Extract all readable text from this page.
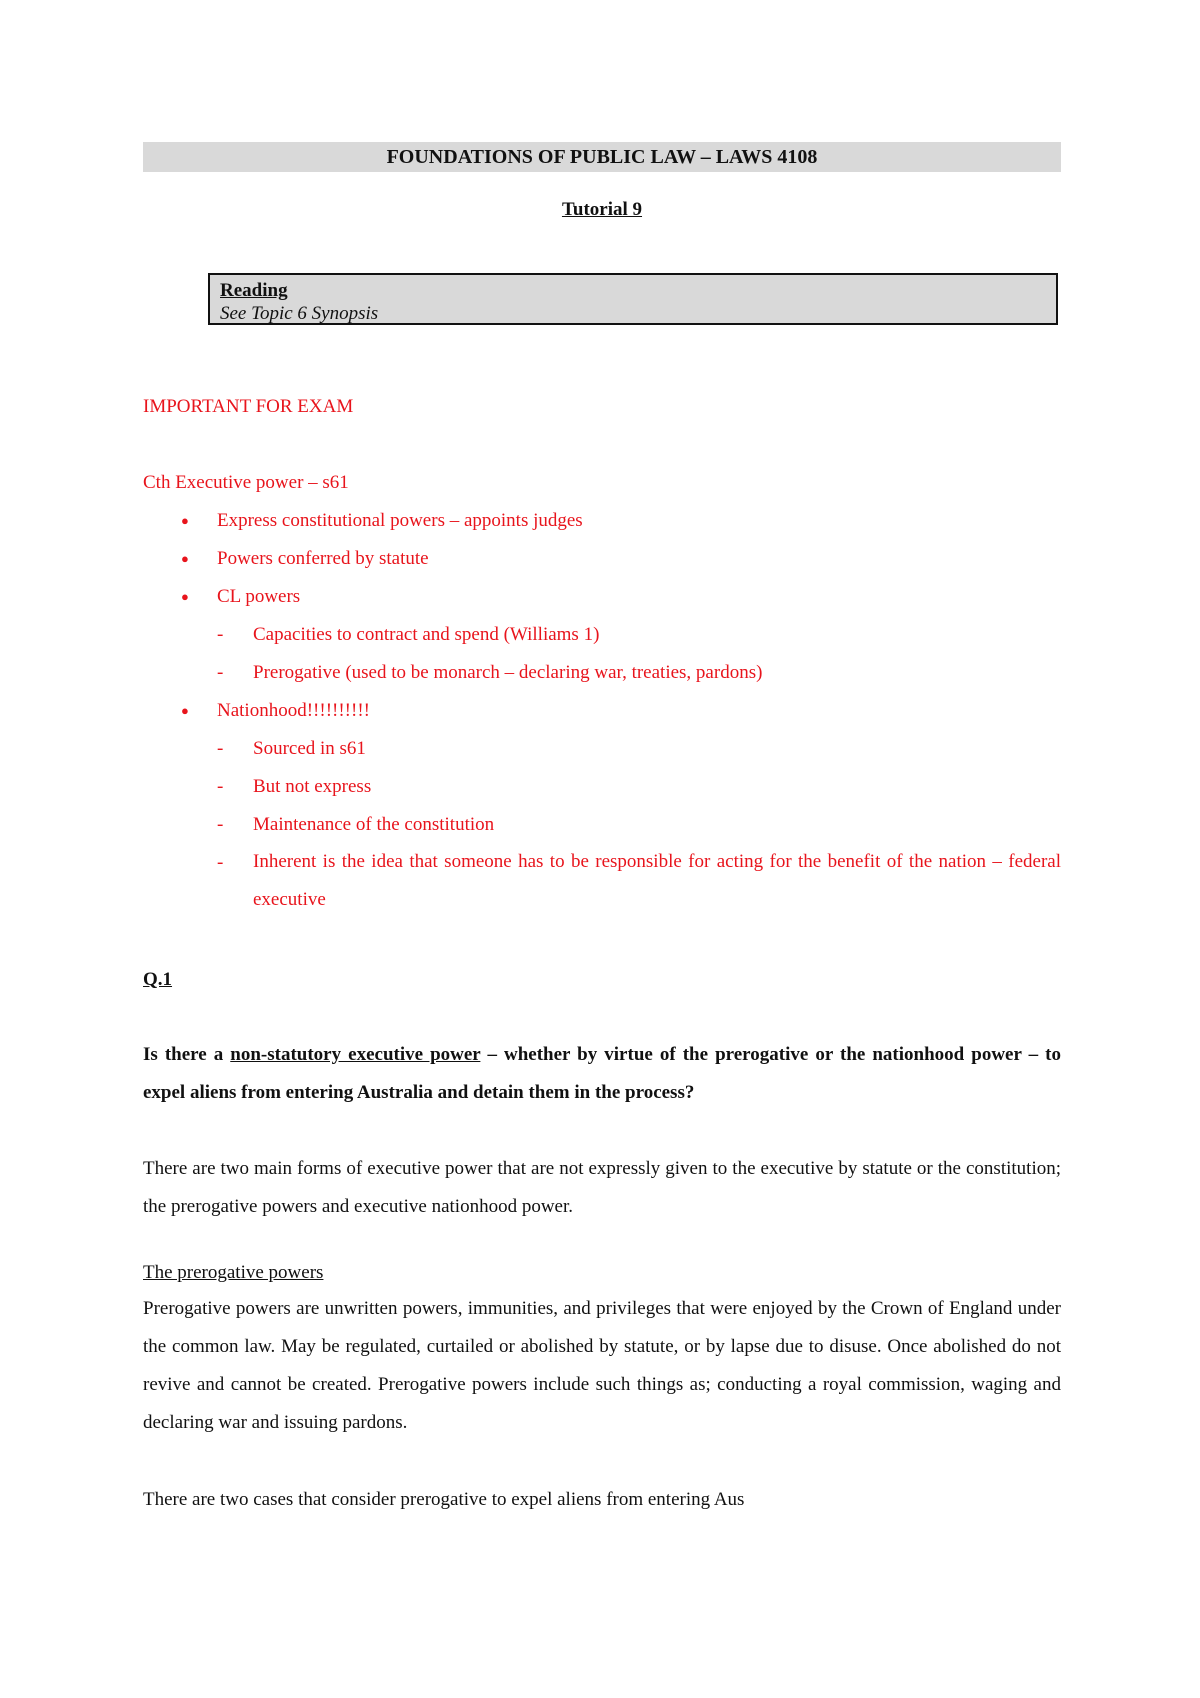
FOUNDATIONS OF PUBLIC LAW – LAWS 4108
Tutorial 9
Reading
See Topic 6 Synopsis
IMPORTANT FOR EXAM
Cth Executive power – s61
● Express constitutional powers – appoints judges
● Powers conferred by statute
● CL powers
- Capacities to contract and spend (Williams 1)
- Prerogative (used to be monarch – declaring war, treaties, pardons)
● Nationhood!!!!!!!!!!
- Sourced in s61
- But not express
- Maintenance of the constitution
- Inherent is the idea that someone has to be responsible for acting for the benefit of the nation – federal executive
Q.1
Is there a non-statutory executive power – whether by virtue of the prerogative or the nationhood power – to expel aliens from entering Australia and detain them in the process?
There are two main forms of executive power that are not expressly given to the executive by statute or the constitution; the prerogative powers and executive nationhood power.
The prerogative powers
Prerogative powers are unwritten powers, immunities, and privileges that were enjoyed by the Crown of England under the common law. May be regulated, curtailed or abolished by statute, or by lapse due to disuse. Once abolished do not revive and cannot be created. Prerogative powers include such things as; conducting a royal commission, waging and declaring war and issuing pardons.
There are two cases that consider prerogative to expel aliens from entering Aus
